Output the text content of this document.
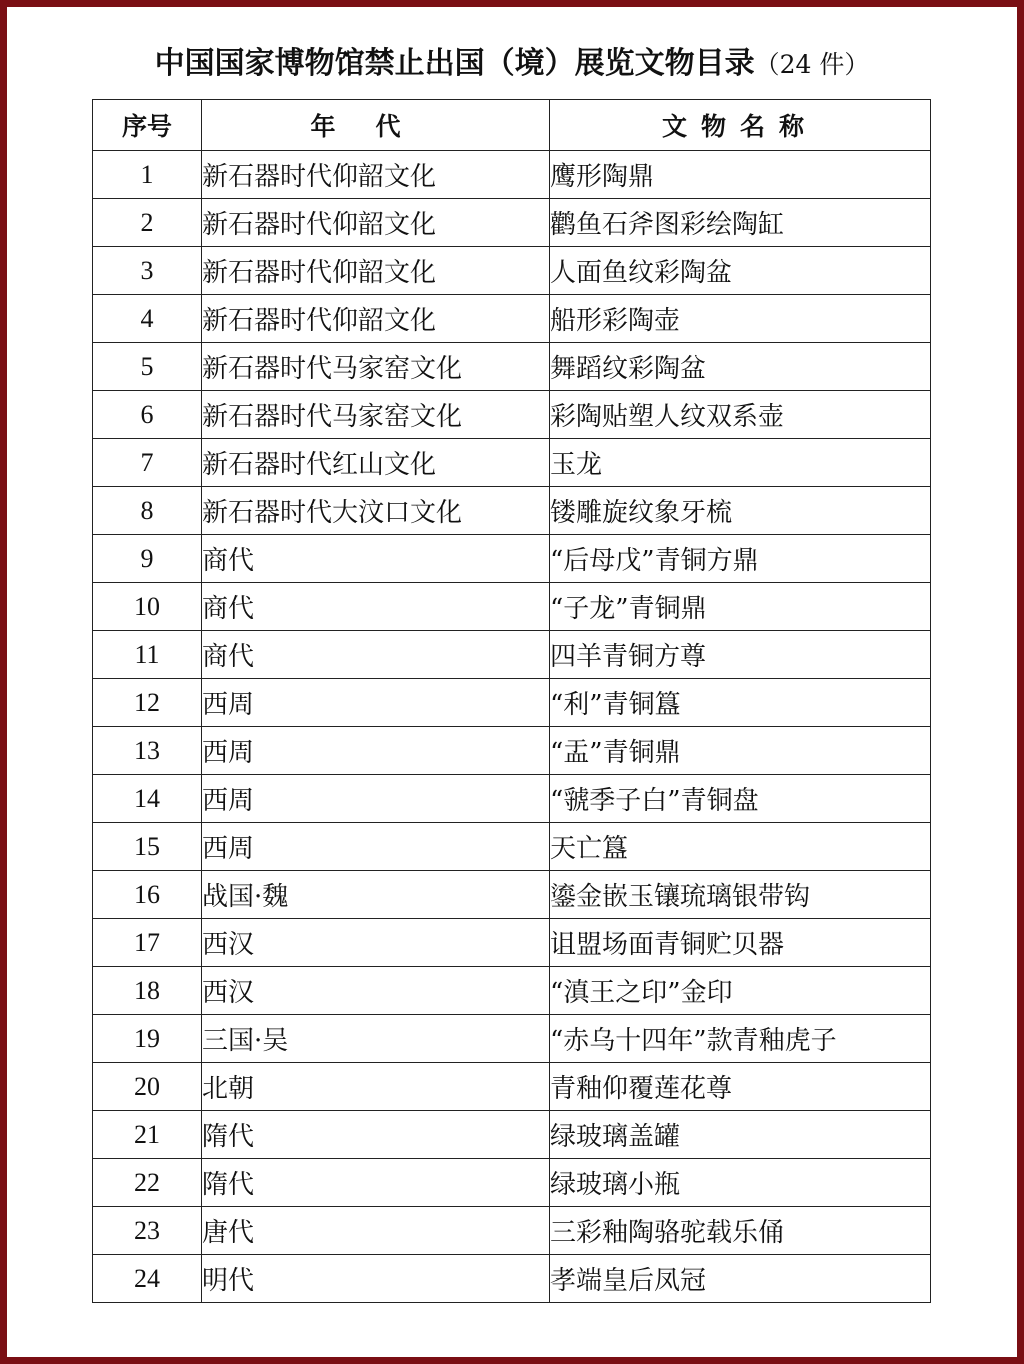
中国国家博物馆禁止出国（境）展览文物目录（24 件）
序号	年代	文物名称
1	新石器时代仰韶文化	鹰形陶鼎
2	新石器时代仰韶文化	鹳鱼石斧图彩绘陶缸
3	新石器时代仰韶文化	人面鱼纹彩陶盆
4	新石器时代仰韶文化	船形彩陶壶
5	新石器时代马家窑文化	舞蹈纹彩陶盆
6	新石器时代马家窑文化	彩陶贴塑人纹双系壶
7	新石器时代红山文化	玉龙
8	新石器时代大汶口文化	镂雕旋纹象牙梳
9	商代	“后母戊”青铜方鼎
10	商代	“子龙”青铜鼎
11	商代	四羊青铜方尊
12	西周	“利”青铜簋
13	西周	“盂”青铜鼎
14	西周	“虢季子白”青铜盘
15	西周	天亡簋
16	战国·魏	鎏金嵌玉镶琉璃银带钩
17	西汉	诅盟场面青铜贮贝器
18	西汉	“滇王之印”金印
19	三国·吴	“赤乌十四年”款青釉虎子
20	北朝	青釉仰覆莲花尊
21	隋代	绿玻璃盖罐
22	隋代	绿玻璃小瓶
23	唐代	三彩釉陶骆驼载乐俑
24	明代	孝端皇后凤冠
